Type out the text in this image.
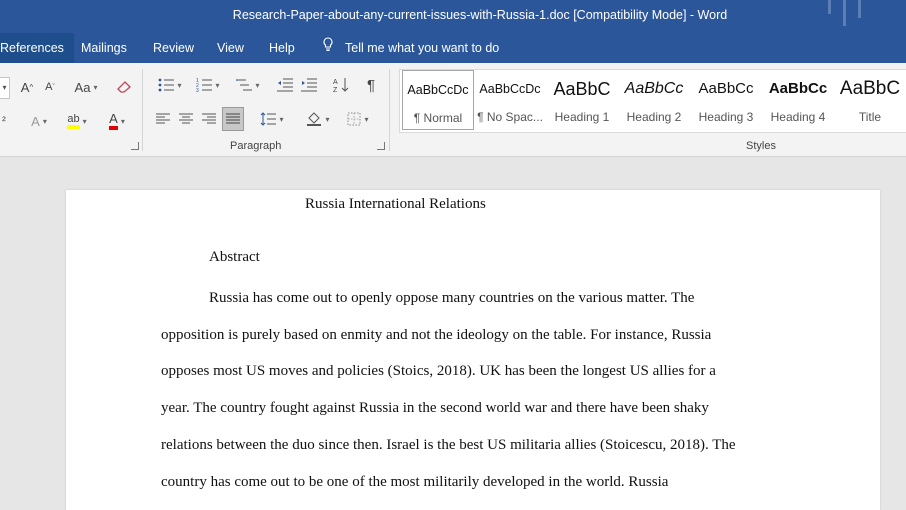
Research-Paper-about-any-current-issues-with-Russia-1.doc [Compatibility Mode] - Word
References	Mailings	Review	View	Help	Tell me what you want to do
▾ A ^	A ˇ	Aa ▾
²	A ▾ ab ▾ A ▾
▾	1
2
3
▾	▾	A
Z	¶
▾	▾	▾
Paragraph
AaBbCcDc
¶ Normal
AaBbCcDc
¶ No Spac...
AaBbC
Heading 1
AaBbCc
Heading 2
AaBbCc
Heading 3
AaBbCc
Heading 4
AaBbC
Title
Styles

Russia International Relations

Abstract

Russia has come out to openly oppose many countries on the various matter. The
opposition is purely based on enmity and not the ideology on the table. For instance, Russia
opposes most US moves and policies (Stoics, 2018). UK has been the longest US allies for a
year. The country fought against Russia in the second world war and there have been shaky
relations between the duo since then. Israel is the best US militaria allies (Stoicescu, 2018). The
country has come out to be one of the most militarily developed in the world. Russia
